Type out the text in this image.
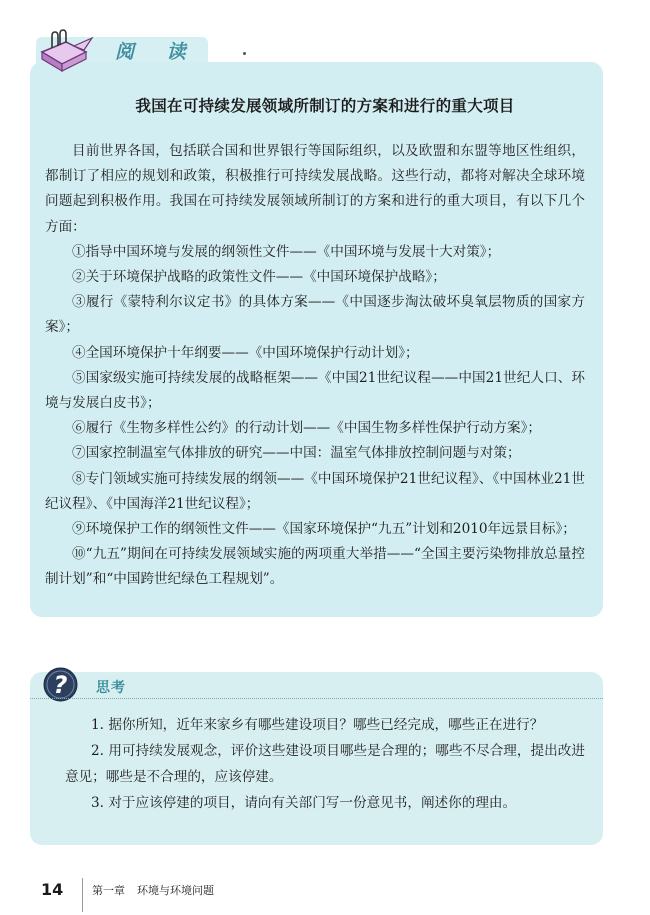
阅 读
我国在可持续发展领域所制订的方案和进行的重大项目

目前世界各国，包括联合国和世界银行等国际组织，以及欧盟和东盟等地区性组织，都制订了相应的规划和政策，积极推行可持续发展战略。这些行动，都将对解决全球环境问题起到积极作用。我国在可持续发展领域所制订的方案和进行的重大项目，有以下几个方面：

①指导中国环境与发展的纲领性文件——《中国环境与发展十大对策》；

②关于环境保护战略的政策性文件——《中国环境保护战略》；

③履行《蒙特利尔议定书》的具体方案——《中国逐步淘汰破坏臭氧层物质的国家方案》；

④全国环境保护十年纲要——《中国环境保护行动计划》；

⑤国家级实施可持续发展的战略框架——《中国21世纪议程——中国21世纪人口、环境与发展白皮书》；

⑥履行《生物多样性公约》的行动计划——《中国生物多样性保护行动方案》；

⑦国家控制温室气体排放的研究——中国：温室气体排放控制问题与对策；

⑧专门领域实施可持续发展的纲领——《中国环境保护21世纪议程》、《中国林业21世纪议程》、《中国海洋21世纪议程》；

⑨环境保护工作的纲领性文件——《国家环境保护“九五”计划和2010年远景目标》；

⑩“九五”期间在可持续发展领域实施的两项重大举措——“全国主要污染物排放总量控制计划”和“中国跨世纪绿色工程规划”。

? 思考

1. 据你所知，近年来家乡有哪些建设项目？哪些已经完成，哪些正在进行？

2. 用可持续发展观念，评价这些建设项目哪些是合理的；哪些不尽合理，提出改进意见；哪些是不合理的，应该停建。

3. 对于应该停建的项目，请向有关部门写一份意见书，阐述你的理由。

14	第一章 环境与环境问题
